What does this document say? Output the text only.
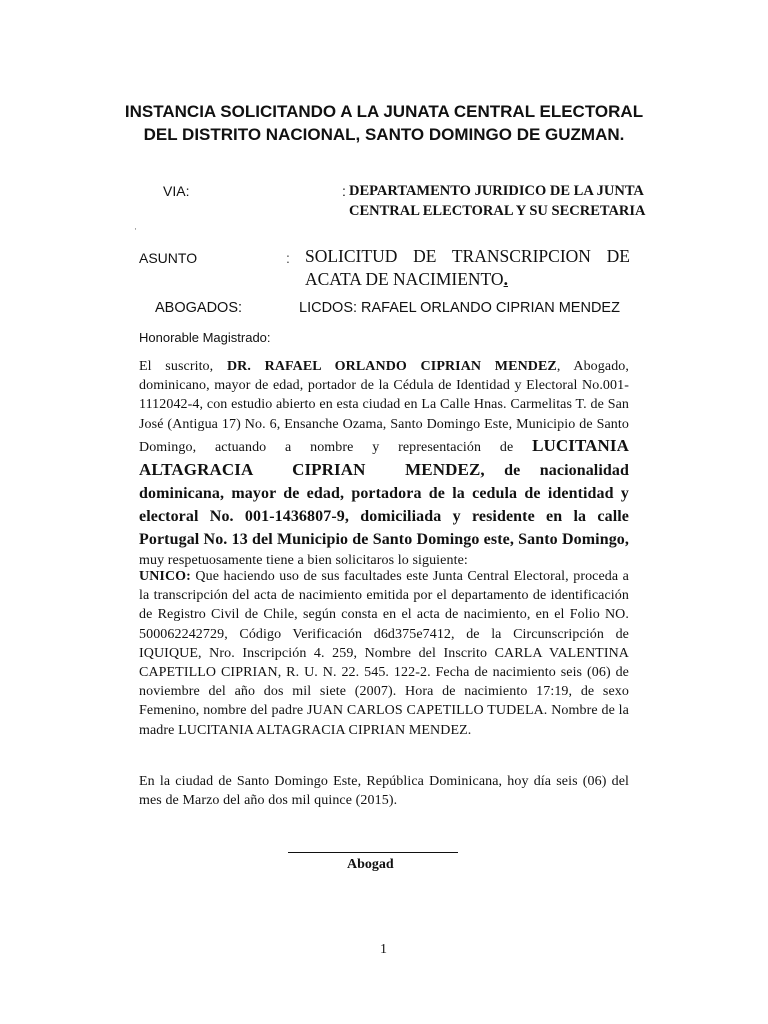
INSTANCIA SOLICITANDO A LA JUNATA CENTRAL ELECTORAL
DEL DISTRITO NACIONAL, SANTO DOMINGO DE GUZMAN.
VIA:	: DEPARTAMENTO JURIDICO DE LA JUNTA
CENTRAL ELECTORAL Y SU SECRETARIA
·
ASUNTO	: SOLICITUD DE TRANSCRIPCION DE
ACATA DE NACIMIENTO.
ABOGADOS:	LICDOS: RAFAEL ORLANDO CIPRIAN MENDEZ
Honorable Magistrado:
El suscrito, DR. RAFAEL ORLANDO CIPRIAN MENDEZ, Abogado, dominicano, mayor de edad, portador de la Cédula de Identidad y Electoral No.001-1112042-4, con estudio abierto en esta ciudad en La Calle Hnas. Carmelitas T. de San José (Antigua 17) No. 6, Ensanche Ozama, Santo Domingo Este, Municipio de Santo Domingo, actuando a nombre y representación de LUCITANIA ALTAGRACIA CIPRIAN MENDEZ, de nacionalidad dominicana, mayor de edad, portadora de la cedula de identidad y electoral No. 001-1436807-9, domiciliada y residente en la calle Portugal No. 13 del Municipio de Santo Domingo este, Santo Domingo, muy respetuosamente tiene a bien solicitaros lo siguiente:
UNICO: Que haciendo uso de sus facultades este Junta Central Electoral, proceda a la transcripción del acta de nacimiento emitida por el departamento de identificación de Registro Civil de Chile, según consta en el acta de nacimiento, en el Folio NO. 500062242729, Código Verificación d6d375e7412, de la Circunscripción de IQUIQUE, Nro. Inscripción 4. 259, Nombre del Inscrito CARLA VALENTINA CAPETILLO CIPRIAN, R. U. N. 22. 545. 122-2. Fecha de nacimiento seis (06) de noviembre del año dos mil siete (2007). Hora de nacimiento 17:19, de sexo Femenino, nombre del padre JUAN CARLOS CAPETILLO TUDELA. Nombre de la madre LUCITANIA ALTAGRACIA CIPRIAN MENDEZ.
En la ciudad de Santo Domingo Este, República Dominicana, hoy día seis (06) del mes de Marzo del año dos mil quince (2015).
Abogad
1
